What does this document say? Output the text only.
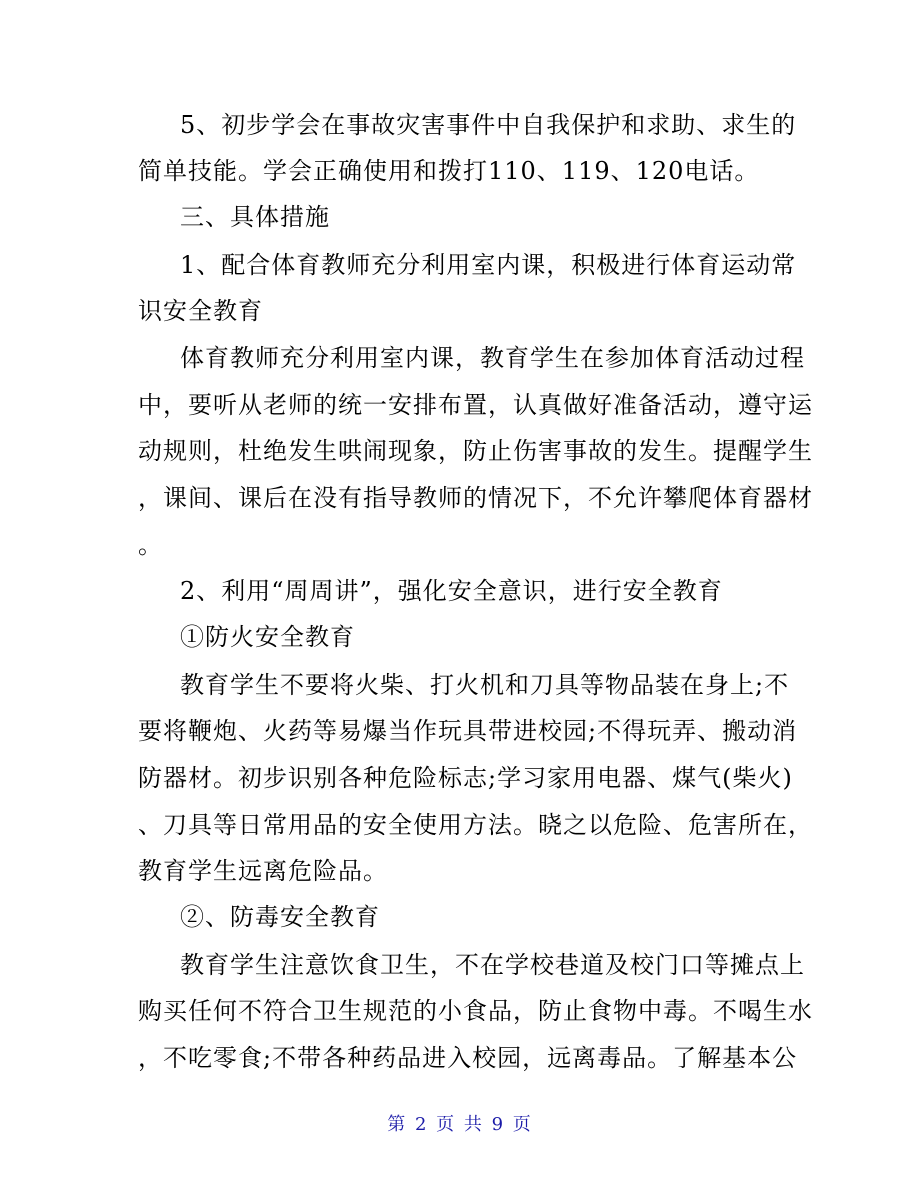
5、初步学会在事故灾害事件中自我保护和求助、求生的
简单技能。学会正确使用和拨打110、119、120电话。
三、具体措施
1、配合体育教师充分利用室内课，积极进行体育运动常
识安全教育
体育教师充分利用室内课，教育学生在参加体育活动过程
中，要听从老师的统一安排布置，认真做好准备活动，遵守运
动规则，杜绝发生哄闹现象，防止伤害事故的发生。提醒学生
，课间、课后在没有指导教师的情况下，不允许攀爬体育器材
。
2、利用“周周讲”，强化安全意识，进行安全教育
①防火安全教育
教育学生不要将火柴、打火机和刀具等物品装在身上;不
要将鞭炮、火药等易爆当作玩具带进校园;不得玩弄、搬动消
防器材。初步识别各种危险标志;学习家用电器、煤气(柴火)
、刀具等日常用品的安全使用方法。晓之以危险、危害所在，
教育学生远离危险品。
②、防毒安全教育
教育学生注意饮食卫生，不在学校巷道及校门口等摊点上
购买任何不符合卫生规范的小食品，防止食物中毒。不喝生水
，不吃零食;不带各种药品进入校园，远离毒品。了解基本公
第 2 页 共 9 页
